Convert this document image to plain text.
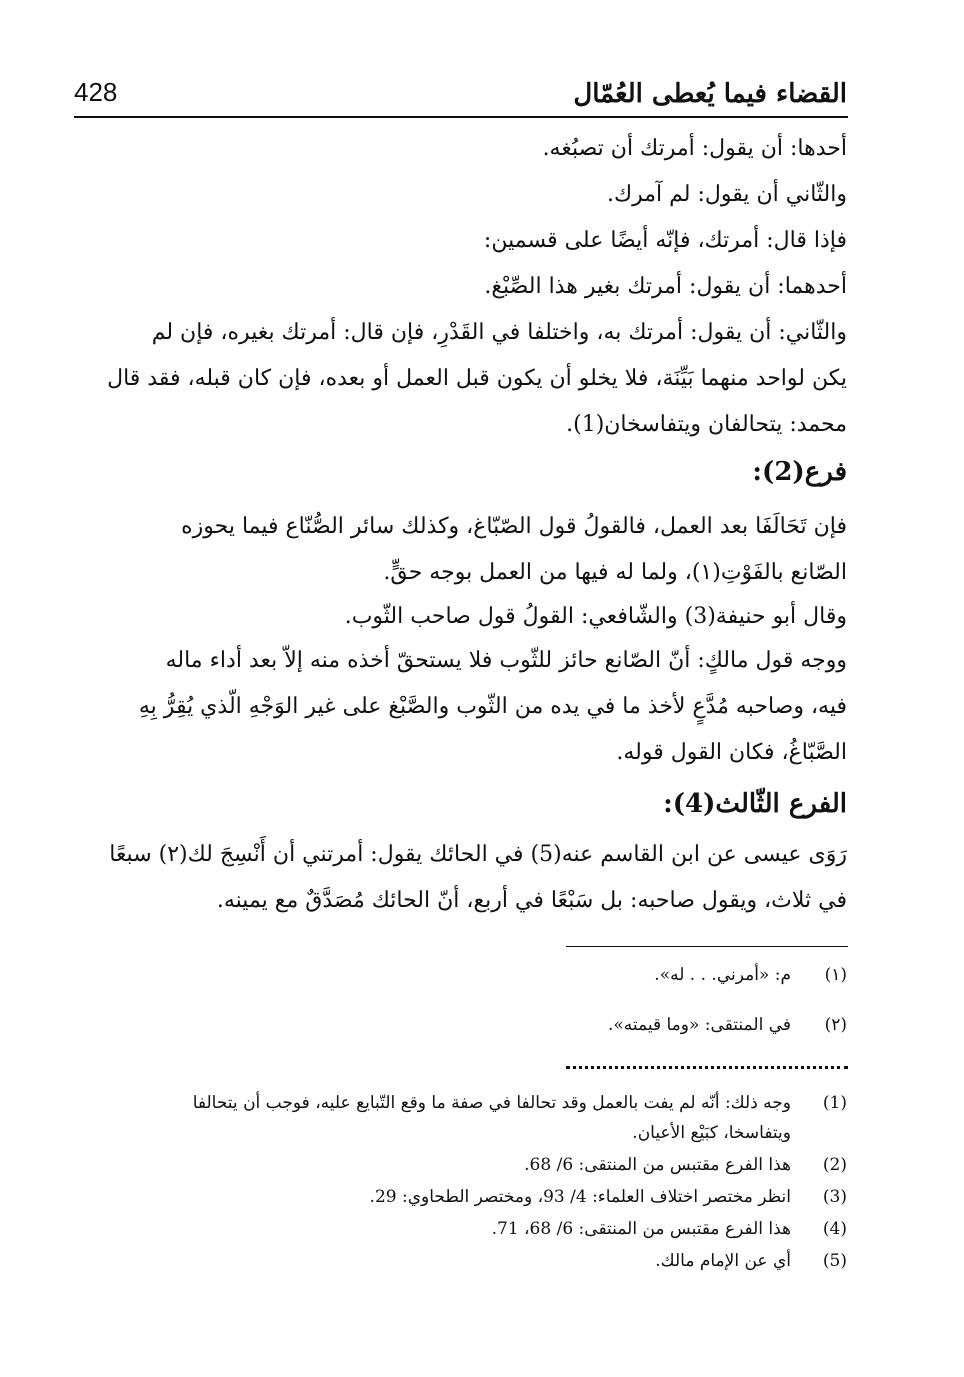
القضاء فيما يُعطى العُمّال
428
أحدها: أن يقول: أمرتك أن تصبُغه.
والثّاني أن يقول: لم آمرك.
فإذا قال: أمرتك، فإنّه أيضًا على قسمين:
أحدهما: أن يقول: أمرتك بغير هذا الصِّبْغ.
والثّاني: أن يقول: أمرتك به، واختلفا في القَدْرِ، فإن قال: أمرتك بغيره، فإن لم
يكن لواحد منهما بَيِّنَة، فلا يخلو أن يكون قبل العمل أو بعده، فإن كان قبله، فقد قال
محمد: يتحالفان ويتفاسخان(1).
فرع(2):
فإن تَحَالَفَا بعد العمل، فالقولُ قول الصّبّاغ، وكذلك سائر الصُّنّاع فيما يحوزه
الصّانع بالفَوْتِ(١)، ولما له فيها من العمل بوجه حقٍّ.
وقال أبو حنيفة(3) والشّافعي: القولُ قول صاحب الثّوب.
ووجه قول مالكٍ: أنّ الصّانع حائز للثّوب فلا يستحقّ أخذه منه إلاّ بعد أداء ماله
فيه، وصاحبه مُدَّعٍ لأخذ ما في يده من الثّوب والصَّبْغ على غير الوَجْهِ الّذي يُقِرُّ بِهِ
الصَّبّاغُ، فكان القول قوله.
الفرع الثّالث(4):
رَوَى عيسى عن ابن القاسم عنه(5) في الحائك يقول: أمرتني أن أَنْسِجَ لك(٢) سبعًا
في ثلاث، ويقول صاحبه: بل سَبْعًا في أربع، أنّ الحائك مُصَدَّقٌ مع يمينه.
(١)م: «أمرني. . . له».
(٢)في المنتقى: «وما قيمته».
(1)وجه ذلك: أنّه لم يفت بالعمل وقد تحالفا في صفة ما وقع التّبايع عليه، فوجب أن يتحالفا
ويتفاسخا، كبَيْع الأعيان.
(2)هذا الفرع مقتبس من المنتقى: 6/ 68.
(3)انظر مختصر اختلاف العلماء: 4/ 93، ومختصر الطحاوي: 29.
(4)هذا الفرع مقتبس من المنتقى: 6/ 68، 71.
(5)أي عن الإمام مالك.
